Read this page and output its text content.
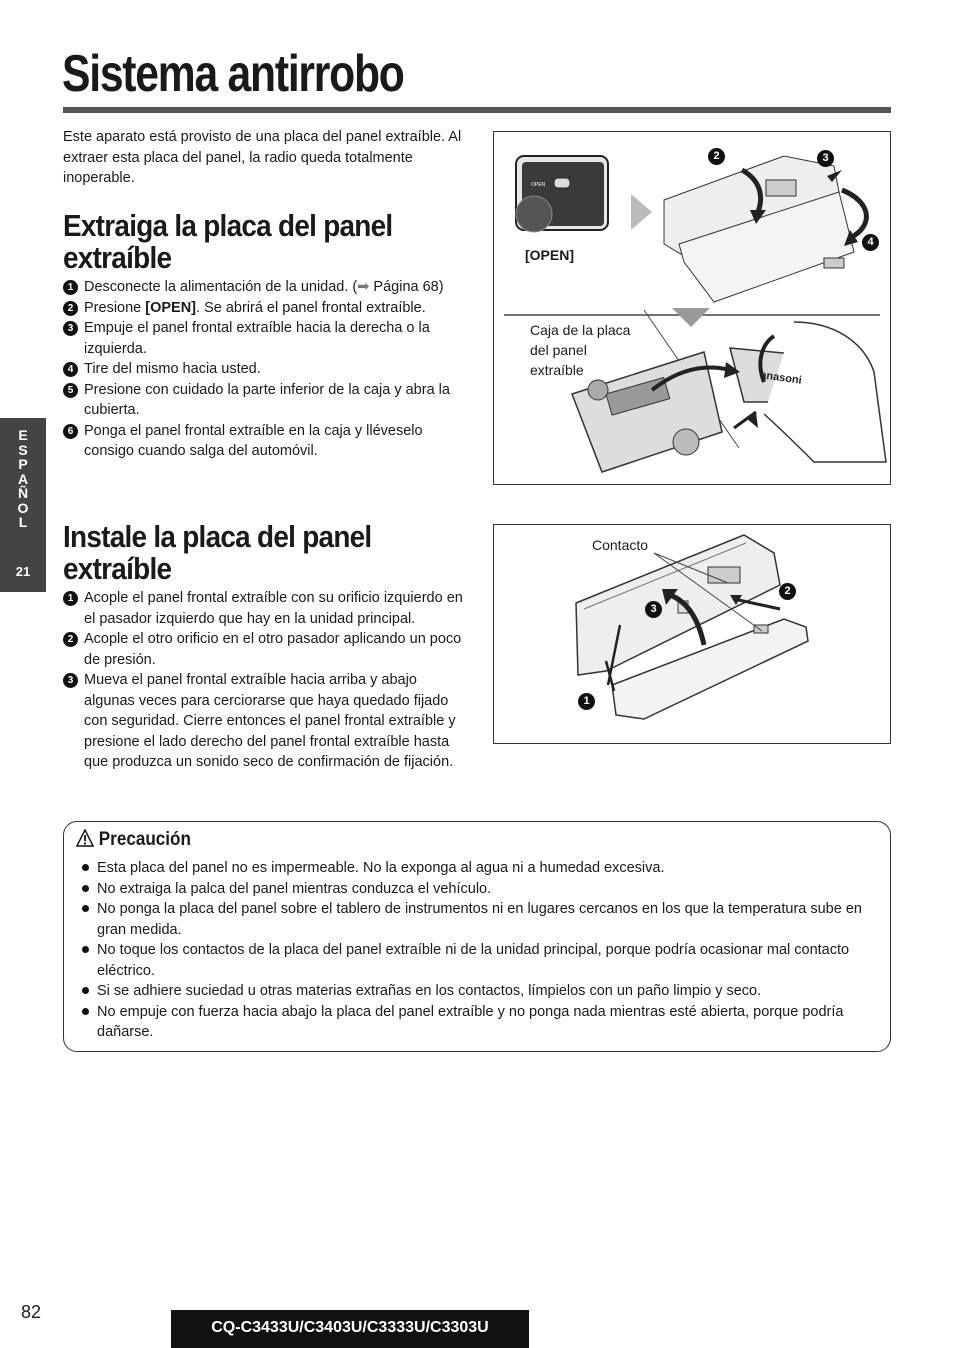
Sistema antirrobo

Este aparato está provisto de una placa del panel extraíble. Al extraer esta placa del panel, la radio queda totalmente inoperable.

Extraiga la placa del panel extraíble
1 Desconecte la alimentación de la unidad. (➡ Página 68)
2 Presione [OPEN]. Se abrirá el panel frontal extraíble.
3 Empuje el panel frontal extraíble hacia la derecha o la izquierda.
4 Tire del mismo hacia usted.
5 Presione con cuidado la parte inferior de la caja y abra la cubierta.
6 Ponga el panel frontal extraíble en la caja y lléveselo consigo cuando salga del automóvil.
OPEN
anasoni
[OPEN]
2	3
4
Caja de la placa
del panel
extraíble
E
S
P
A
Ñ
O
L
21
Instale la placa del panel extraíble
1 Acople el panel frontal extraíble con su orificio izquierdo en el pasador izquierdo que hay en la unidad principal.
2 Acople el otro orificio en el otro pasador aplicando un poco de presión.
3 Mueva el panel frontal extraíble hacia arriba y abajo algunas veces para cerciorarse que haya quedado fijado con seguridad. Cierre entonces el panel frontal extraíble y presione el lado derecho del panel frontal extraíble hasta que produzca un sonido seco de confirmación de fijación.
Contacto
1
2
3
Precaución
Esta placa del panel no es impermeable. No la exponga al agua ni a humedad excesiva.
No extraiga la palca del panel mientras conduzca el vehículo.
No ponga la placa del panel sobre el tablero de instrumentos ni en lugares cercanos en los que la temperatura sube en gran medida.
No toque los contactos de la placa del panel extraíble ni de la unidad principal, porque podría ocasionar mal contacto eléctrico.
Si se adhiere suciedad u otras materias extrañas en los contactos, límpielos con un paño limpio y seco.
No empuje con fuerza hacia abajo la placa del panel extraíble y no ponga nada mientras esté abierta, porque podría dañarse.
82
CQ-C3433U/C3403U/C3333U/C3303U
